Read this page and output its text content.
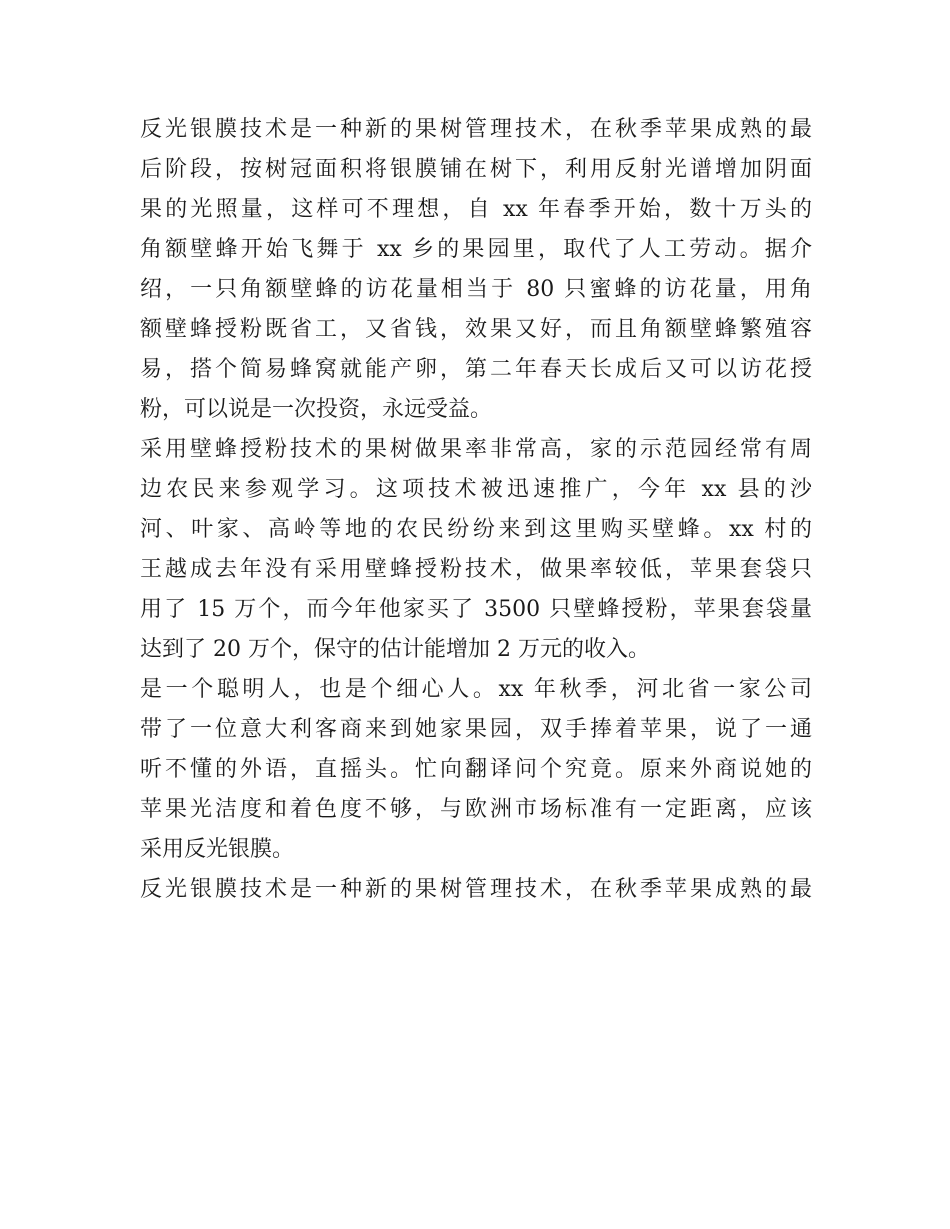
反光银膜技术是一种新的果树管理技术，在秋季苹果成熟的最
后阶段，按树冠面积将银膜铺在树下，利用反射光谱增加阴面
果的光照量，这样可不理想，自 xx 年春季开始，数十万头的
角额壁蜂开始飞舞于 xx 乡的果园里，取代了人工劳动。据介
绍，一只角额壁蜂的访花量相当于 80 只蜜蜂的访花量，用角
额壁蜂授粉既省工，又省钱，效果又好，而且角额壁蜂繁殖容
易，搭个简易蜂窝就能产卵，第二年春天长成后又可以访花授
粉，可以说是一次投资，永远受益。
采用壁蜂授粉技术的果树做果率非常高，家的示范园经常有周
边农民来参观学习。这项技术被迅速推广，今年 xx 县的沙
河、叶家、高岭等地的农民纷纷来到这里购买壁蜂。xx 村的
王越成去年没有采用壁蜂授粉技术，做果率较低，苹果套袋只
用了 15 万个，而今年他家买了 3500 只壁蜂授粉，苹果套袋量
达到了 20 万个，保守的估计能增加 2 万元的收入。
是一个聪明人，也是个细心人。xx 年秋季，河北省一家公司
带了一位意大利客商来到她家果园，双手捧着苹果，说了一通
听不懂的外语，直摇头。忙向翻译问个究竟。原来外商说她的
苹果光洁度和着色度不够，与欧洲市场标准有一定距离，应该
采用反光银膜。
反光银膜技术是一种新的果树管理技术，在秋季苹果成熟的最
